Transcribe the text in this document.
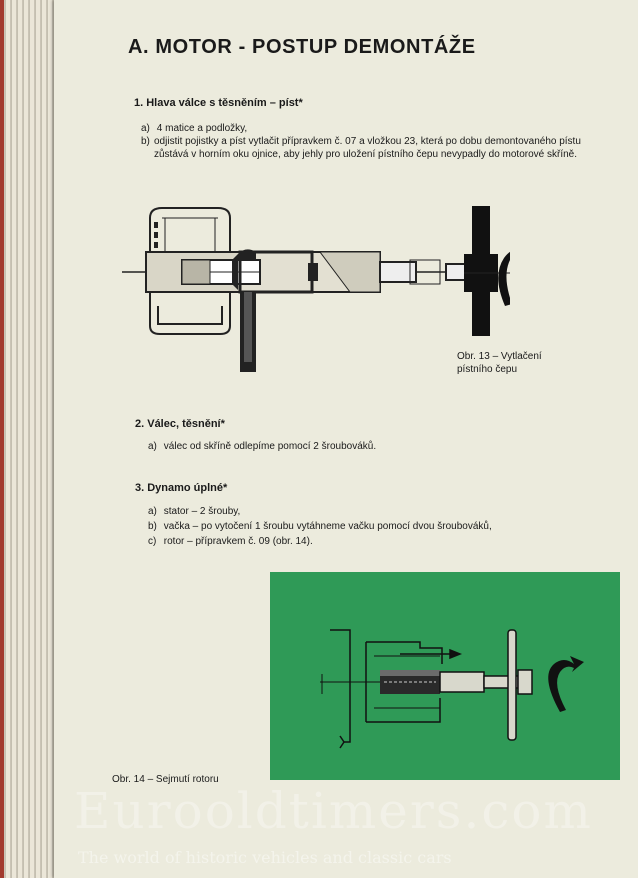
A. MOTOR - POSTUP DEMONTÁŽE
1. Hlava válce s těsněním – píst*
a) 4 matice a podložky,
b) odjistit pojistky a píst vytlačit přípravkem č. 07 a vložkou 23, která po dobu demontovaného pístu zůstává v horním oku ojnice, aby jehly pro uložení pístního čepu nevypadly do motorové skříně.
Obr. 13 – Vytlačení
pístního čepu
2. Válec, těsnění*
a) válec od skříně odlepíme pomocí 2 šroubováků.
3. Dynamo úplné*
a) stator – 2 šrouby,
b) vačka – po vytočení 1 šroubu vytáhneme vačku pomocí dvou šroubováků,
c) rotor – přípravkem č. 09 (obr. 14).
Obr. 14 – Sejmutí rotoru
Eurooldtimers.com
The world of historic vehicles and classic cars
